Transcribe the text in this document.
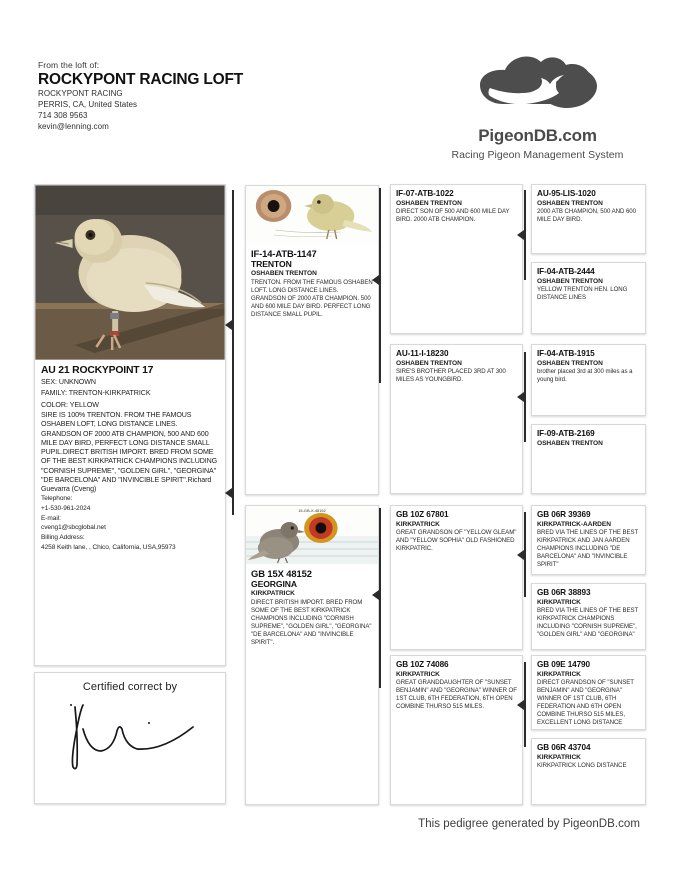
From the loft of:
ROCKYPONT RACING LOFT
ROCKYPONT RACING
PERRIS, CA, United States
714 308 9563
kevin@lenning.com	PigeonDB.com
Racing Pigeon Management System
AU 21 ROCKYPOINT 17
SEX: UNKNOWN
FAMILY: TRENTON-KIRKPATRICK
COLOR: YELLOW
SIRE IS 100% TRENTON. FROM THE FAMOUS OSHABEN LOFT, LONG DISTANCE LINES. GRANDSON OF 2000 ATB CHAMPION, 500 AND 600 MILE DAY BIRD, PERFECT LONG DISTANCE SMALL PUPIL.DIRECT BRITISH IMPORT. BRED FROM SOME OF THE BEST KIRKPATRICK CHAMPIONS INCLUDING "CORNISH SUPREME", "GOLDEN GIRL", "GEORGINA" "DE BARCELONA" AND "INVINCIBLE SPIRIT".Richard Guevarra (Cveng)
Telephone:
+1-530-961-2024
E-mail:
cveng1@sbcglobal.net
Billing Address:
4258 Keith lane, , Chico, California, USA,95973
Certified correct by
IF-14-ATB-1147
TRENTON
OSHABEN TRENTON
TRENTON. FROM THE FAMOUS OSHABEN LOFT. LONG DISTANCE LINES. GRANDSON OF 2000 ATB CHAMPION. 500 AND 600 MILE DAY BIRD. PERFECT LONG DISTANCE SMALL PUPIL.
15-GB-X-48152
GB 15X 48152
GEORGINA
KIRKPATRICK
DIRECT BRITISH IMPORT. BRED FROM SOME OF THE BEST KIRKPATRICK CHAMPIONS INCLUDING "CORNISH SUPREME", "GOLDEN GIRL", "GEORGINA" "DE BARCELONA" AND "INVINCIBLE SPIRIT".
IF-07-ATB-1022
OSHABEN TRENTON
DIRECT SON OF 500 AND 600 MILE DAY BIRD. 2000 ATB CHAMPION.
AU-11-I-18230
OSHABEN TRENTON
SIRE'S BROTHER PLACED 3RD AT 300 MILES AS YOUNGBIRD.
GB 10Z 67801
KIRKPATRICK
GREAT GRANDSON OF "YELLOW GLEAM" AND "YELLOW SOPHIA" OLD FASHIONED KIRKPATRIC.
GB 10Z 74086
KIRKPATRICK
GREAT GRANDDAUGHTER OF "SUNSET BENJAMIN" AND "GEORGINA" WINNER OF 1ST CLUB, 6TH FEDERATION, 6TH OPEN COMBINE THURSO 515 MILES.
AU-95-LIS-1020
OSHABEN TRENTON
2000 ATB CHAMPION, 500 AND 600 MILE DAY BIRD.
IF-04-ATB-2444
OSHABEN TRENTON
YELLOW TRENTON HEN. LONG DISTANCE LINES
IF-04-ATB-1915
OSHABEN TRENTON
brother placed 3rd at 300 miles as a young bird.
IF-09-ATB-2169
OSHABEN TRENTON
GB 06R 39369
KIRKPATRICK-AARDEN
BRED VIA THE LINES OF THE BEST KIRKPATRICK AND JAN AARDEN CHAMPIONS INCLUDING "DE BARCELONA" AND "INVINCIBLE SPIRIT"
GB 06R 38893
KIRKPATRICK
BRED VIA THE LINES OF THE BEST KIRKPATRICK CHAMPIONS INCLUDING "CORNISH SUPREME", "GOLDEN GIRL" AND "GEORGINA"
GB 09E 14790
KIRKPATRICK
DIRECT GRANDSON OF "SUNSET BENJAMIN" AND "GEORGINA" WINNER OF 1ST CLUB, 6TH FEDERATION AND 6TH OPEN COMBINE THURSO 515 MILES, EXCELLENT LONG DISTANCE
GB 06R 43704
KIRKPATRICK
KIRKPATRICK LONG DISTANCE
This pedigree generated by PigeonDB.com
